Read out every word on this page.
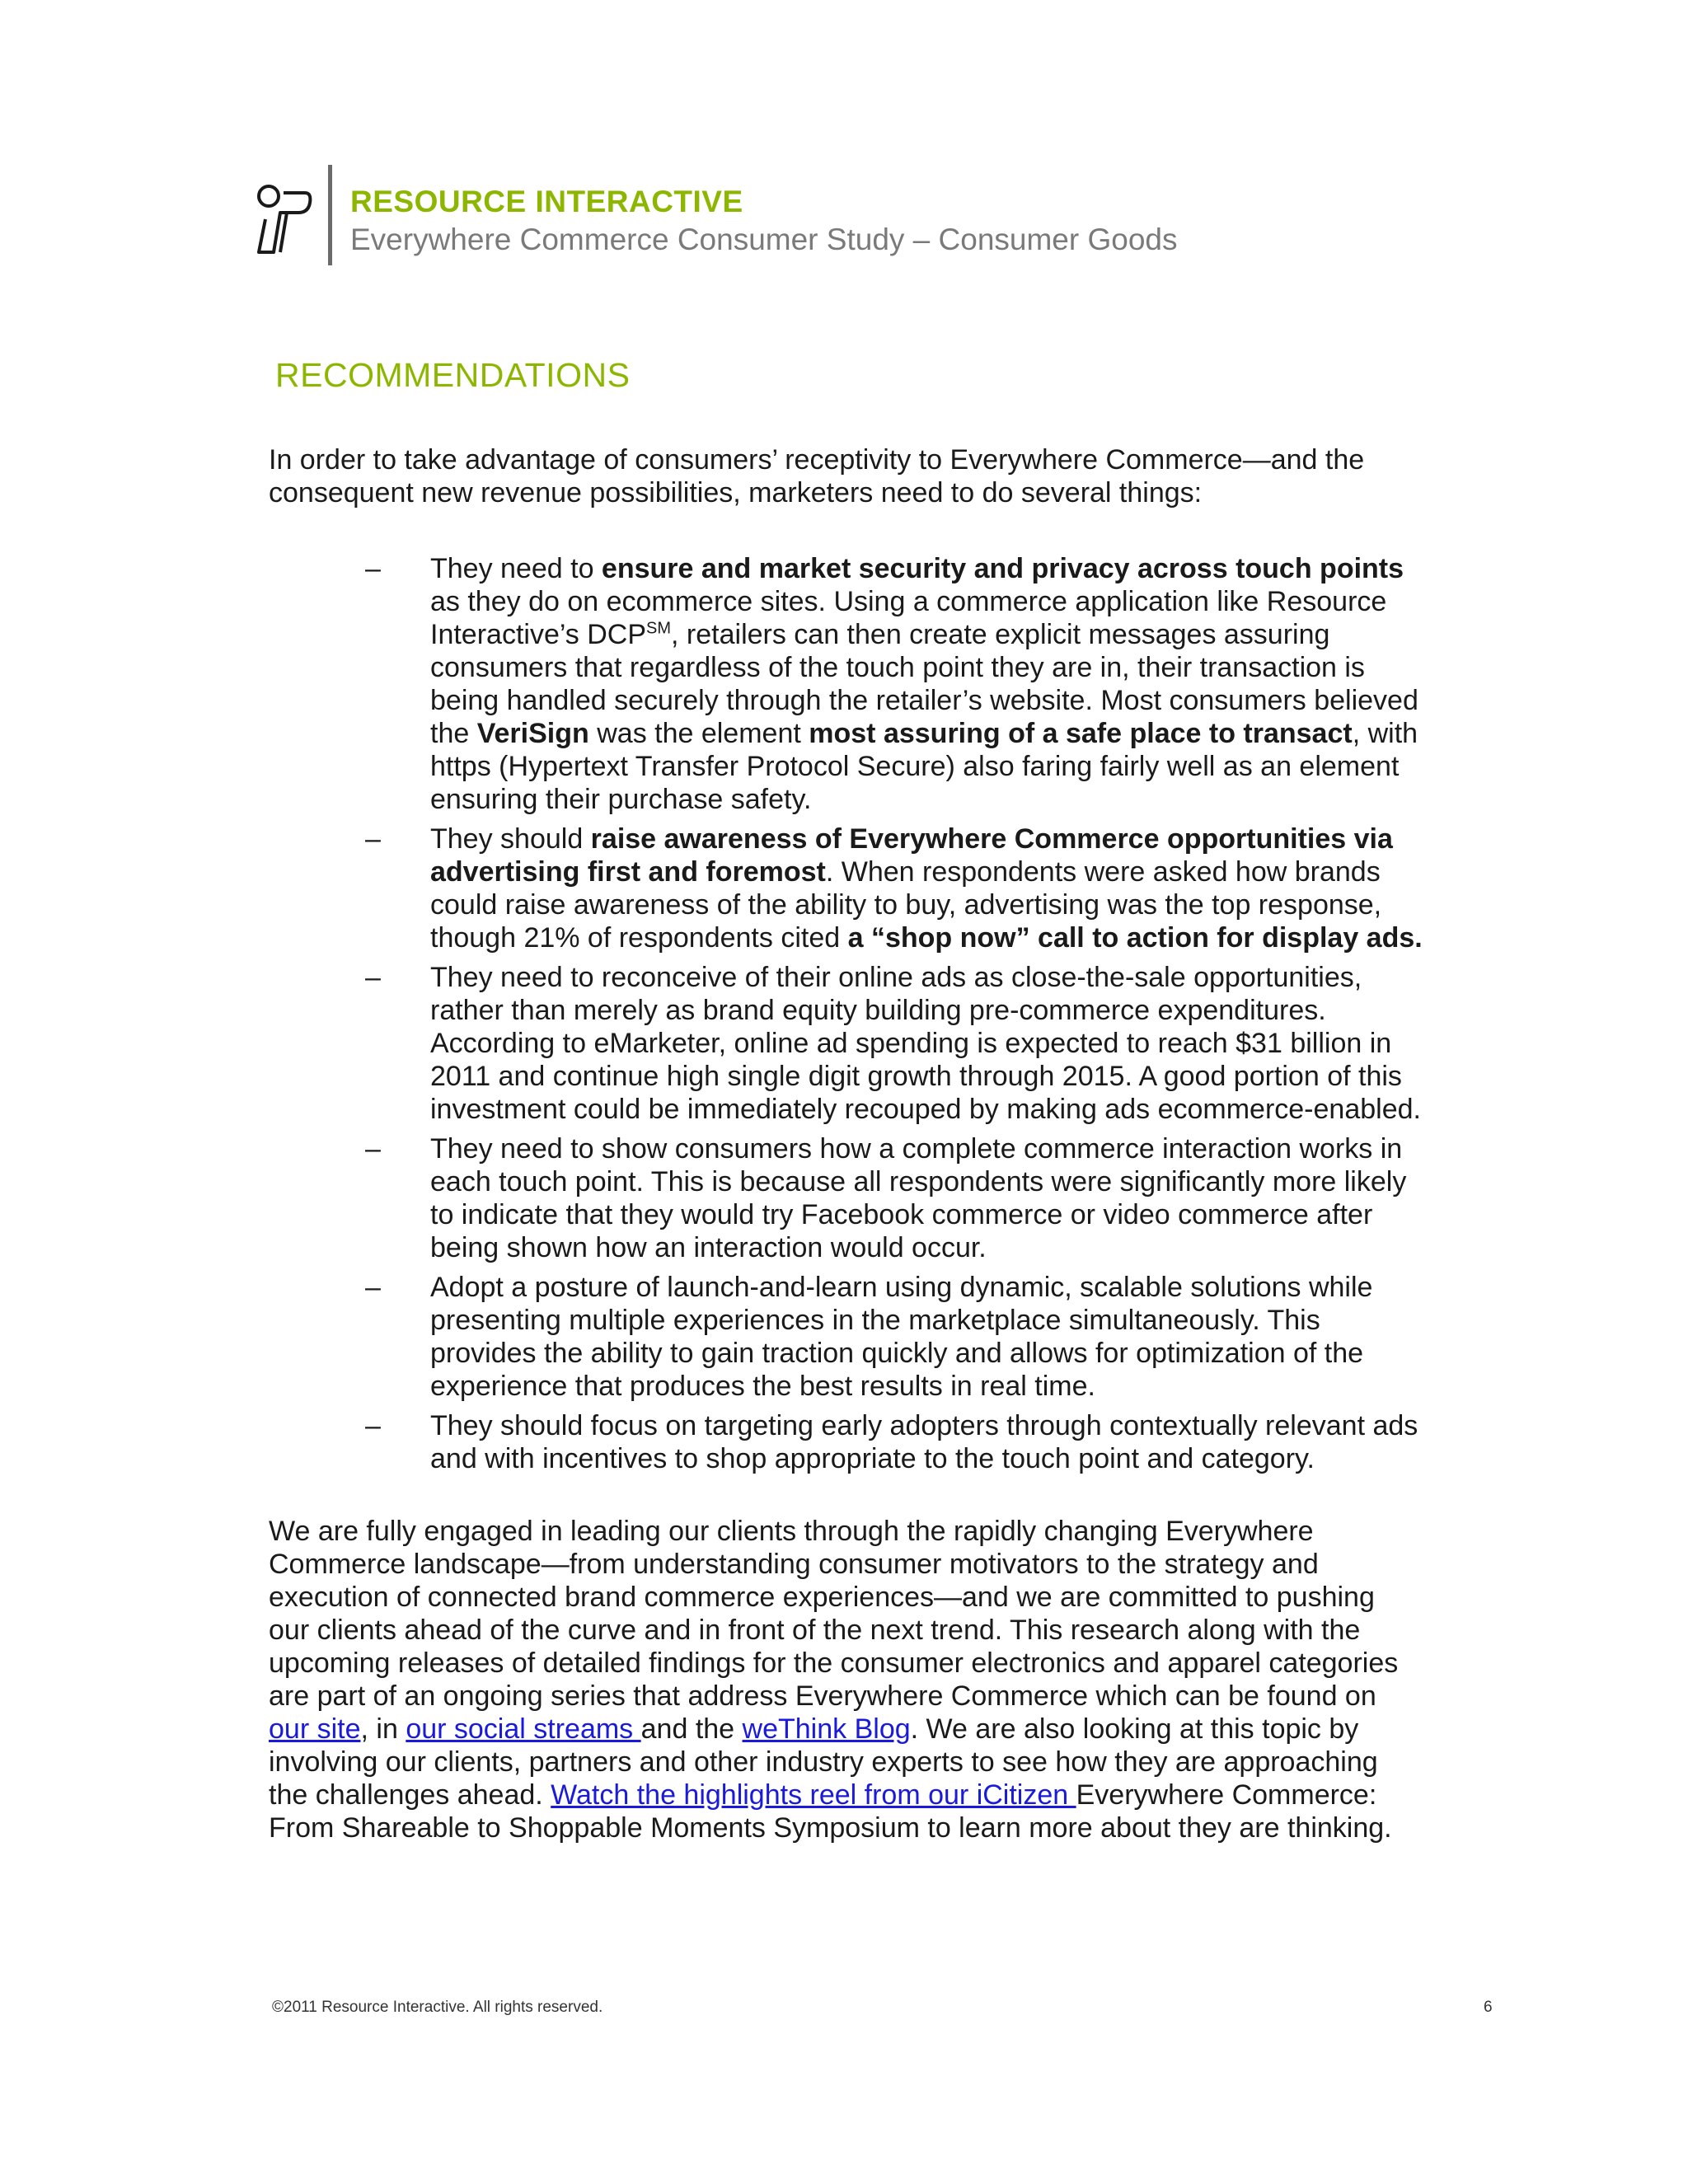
RESOURCE INTERACTIVE
Everywhere Commerce Consumer Study – Consumer Goods
RECOMMENDATIONS

In order to take advantage of consumers’ receptivity to Everywhere Commerce—and the consequent new revenue possibilities, marketers need to do several things:

– They need to ensure and market security and privacy across touch points as they do on ecommerce sites. Using a commerce application like Resource Interactive’s DCP℠, retailers can then create explicit messages assuring consumers that regardless of the touch point they are in, their transaction is being handled securely through the retailer’s website. Most consumers believed the VeriSign was the element most assuring of a safe place to transact, with https (Hypertext Transfer Protocol Secure) also faring fairly well as an element ensuring their purchase safety.
– They should raise awareness of Everywhere Commerce opportunities via advertising first and foremost. When respondents were asked how brands could raise awareness of the ability to buy, advertising was the top response, though 21% of respondents cited a “shop now” call to action for display ads.
– They need to reconceive of their online ads as close-the-sale opportunities, rather than merely as brand equity building pre-commerce expenditures. According to eMarketer, online ad spending is expected to reach $31 billion in 2011 and continue high single digit growth through 2015. A good portion of this investment could be immediately recouped by making ads ecommerce-enabled.
– They need to show consumers how a complete commerce interaction works in each touch point. This is because all respondents were significantly more likely to indicate that they would try Facebook commerce or video commerce after being shown how an interaction would occur.
– Adopt a posture of launch-and-learn using dynamic, scalable solutions while presenting multiple experiences in the marketplace simultaneously. This provides the ability to gain traction quickly and allows for optimization of the experience that produces the best results in real time.
– They should focus on targeting early adopters through contextually relevant ads and with incentives to shop appropriate to the touch point and category.

We are fully engaged in leading our clients through the rapidly changing Everywhere Commerce landscape—from understanding consumer motivators to the strategy and execution of connected brand commerce experiences—and we are committed to pushing our clients ahead of the curve and in front of the next trend. This research along with the upcoming releases of detailed findings for the consumer electronics and apparel categories are part of an ongoing series that address Everywhere Commerce which can be found on our site, in our social streams and the weThink Blog. We are also looking at this topic by involving our clients, partners and other industry experts to see how they are approaching the challenges ahead. Watch the highlights reel from our iCitizen Everywhere Commerce: From Shareable to Shoppable Moments Symposium to learn more about they are thinking.

©2011 Resource Interactive. All rights reserved.	6
